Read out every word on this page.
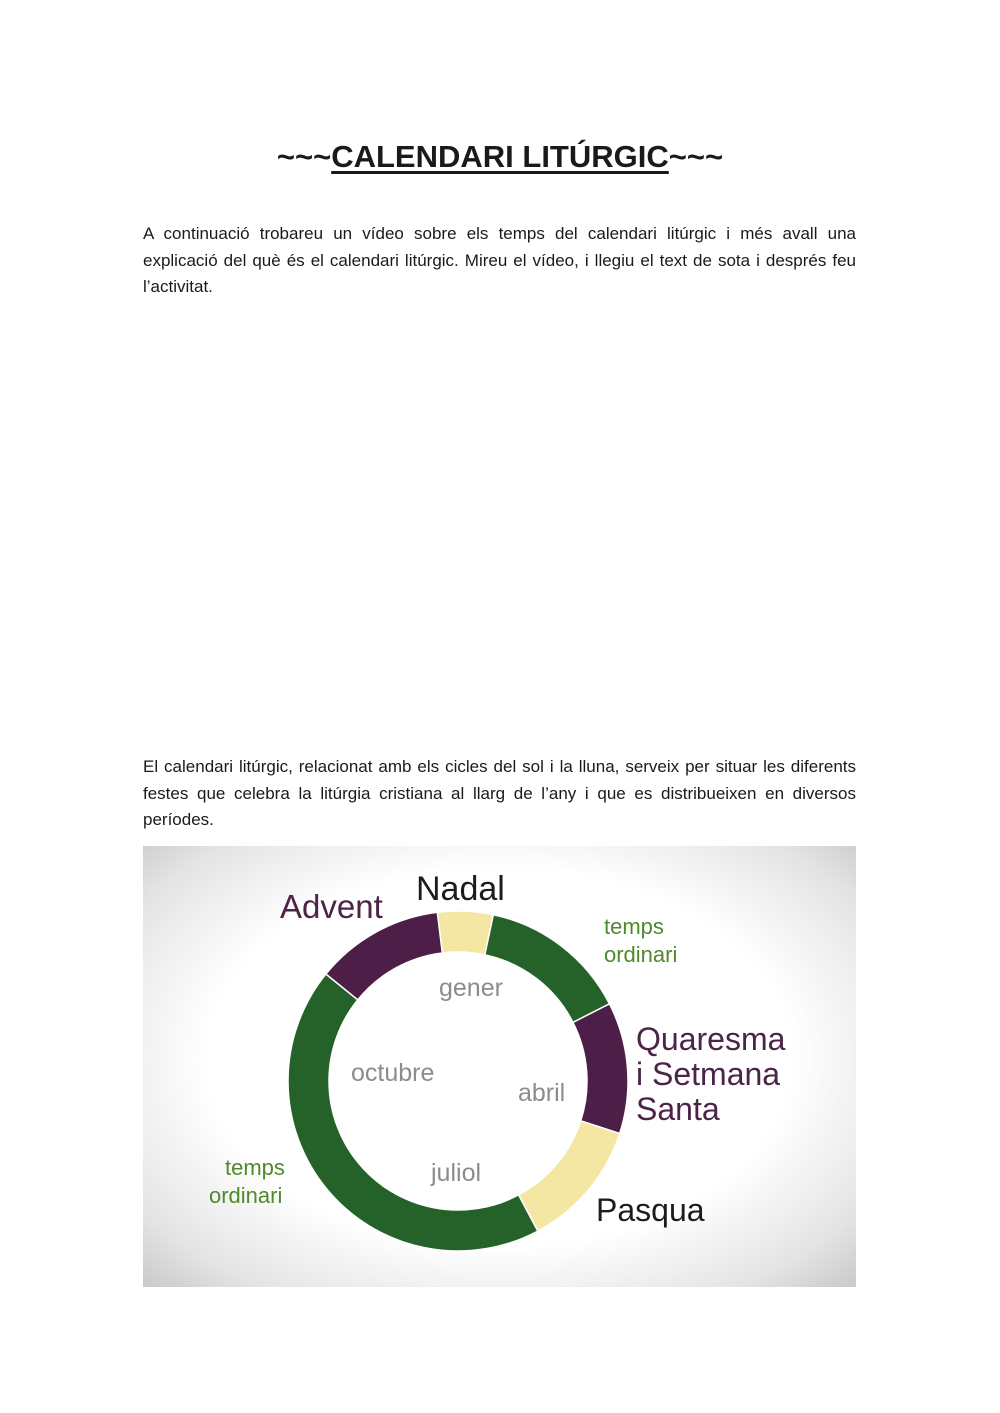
~~~CALENDARI LITÚRGIC~~~

A continuació trobareu un vídeo sobre els temps del calendari litúrgic i més avall una explicació del què és el calendari litúrgic. Mireu el vídeo, i llegiu el text de sota i després feu l’activitat.

El calendari litúrgic, relacionat amb els cicles del sol i la lluna, serveix per situar les diferents festes que celebra la litúrgia cristiana al llarg de l’any i que es distribueixen en diversos períodes.

Advent Nadal
temps
ordinari
Quaresma
i Setmana
Santa
Pasqua
temps
ordinari
gener
octubre
abril
juliol
